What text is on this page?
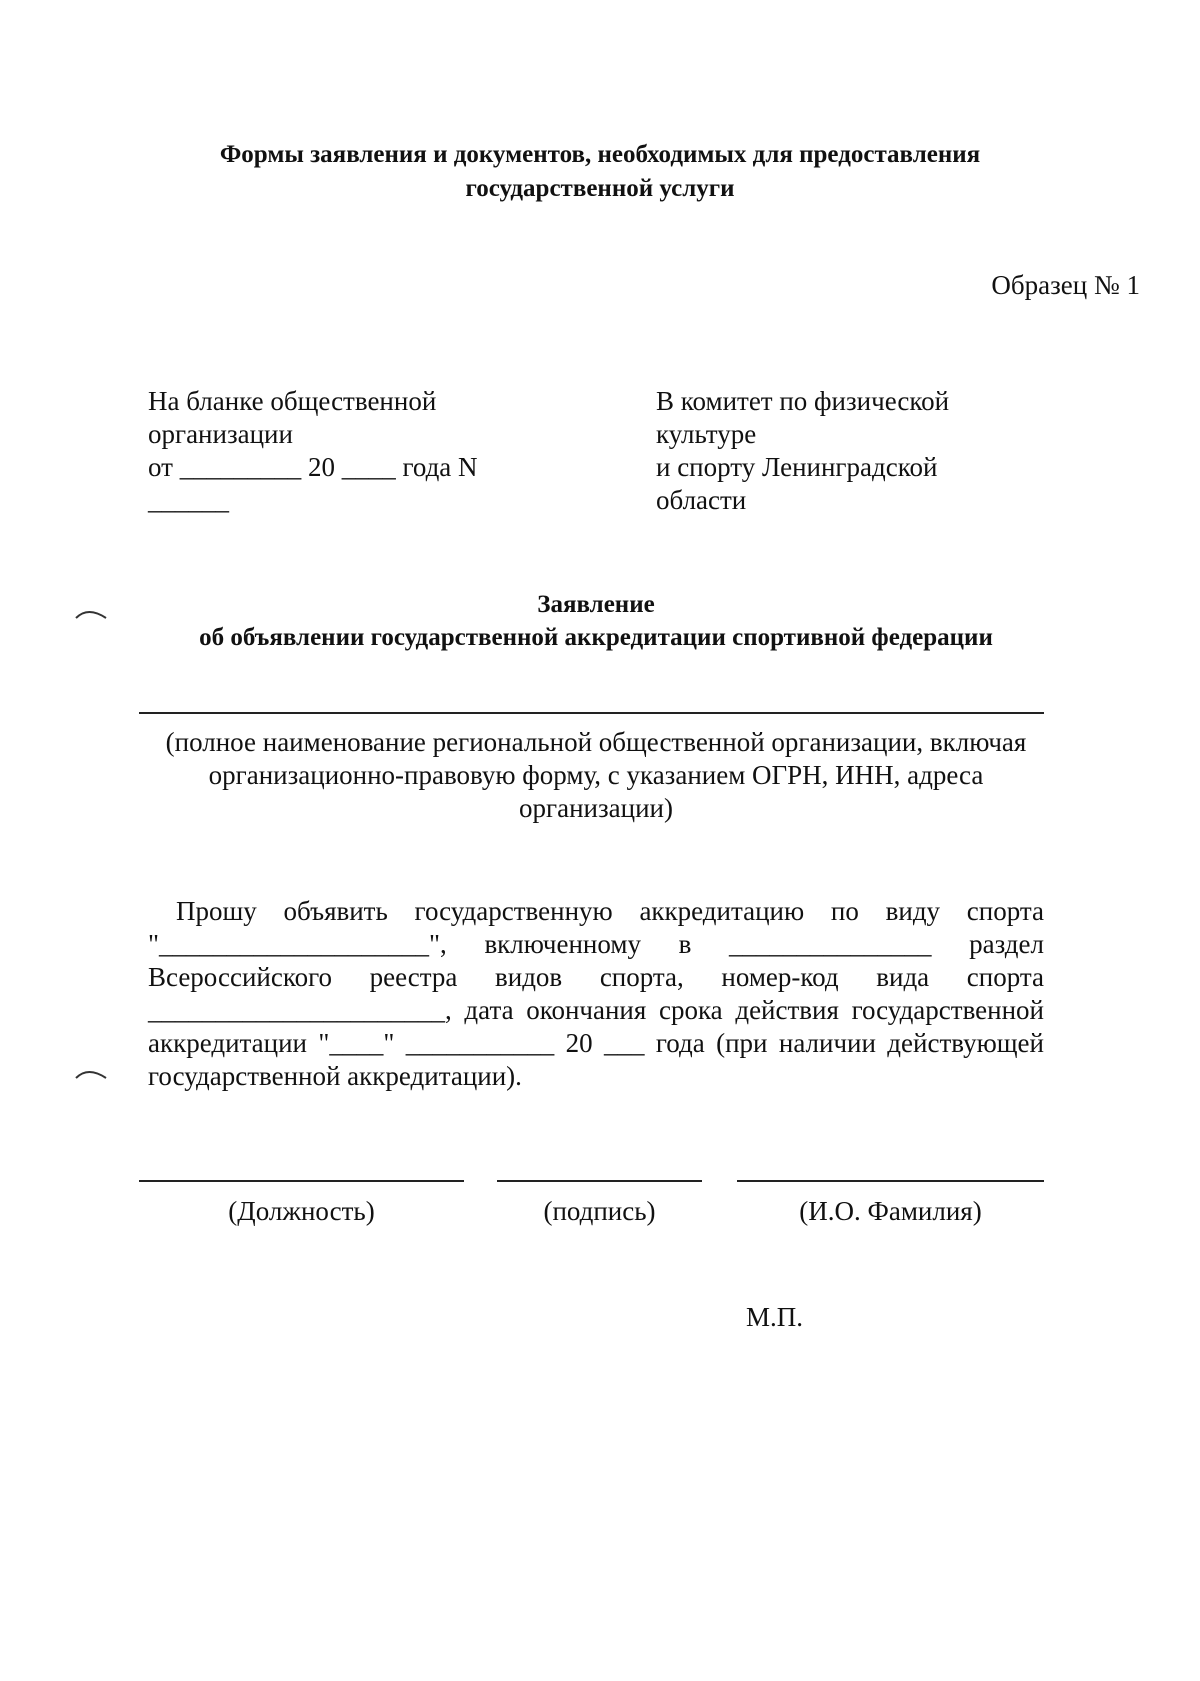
Формы заявления и документов, необходимых для предоставления
государственной услуги
Образец № 1
На бланке общественной
организации
от _________ 20 ____ года N
______
В комитет по физической
культуре
и спорту Ленинградской
области
Заявление
об объявлении государственной аккредитации спортивной федерации
(полное наименование региональной общественной организации, включая организационно-правовую форму, с указанием ОГРН, ИНН, адреса организации)
Прошу объявить государственную аккредитацию по виду спорта "____________________", включенному в _______________ раздел Всероссийского реестра видов спорта, номер-код вида спорта ______________________, дата окончания срока действия государственной аккредитации "____" ___________ 20 ___ года (при наличии действующей государственной аккредитации).
(Должность)	(подпись)	(И.О. Фамилия)
М.П.
